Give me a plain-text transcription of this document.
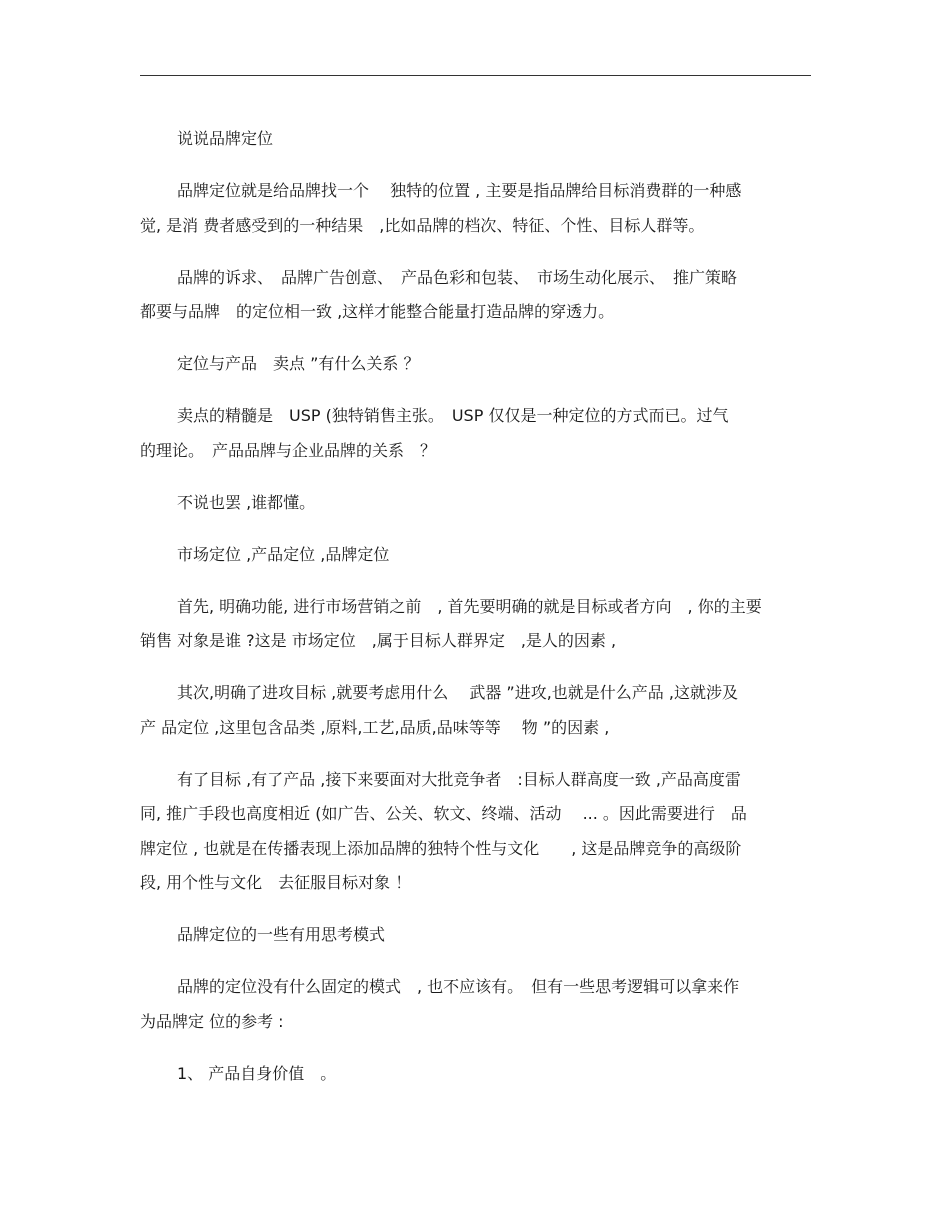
说说品牌定位

品牌定位就是给品牌找一个　 独特的位置 , 主要是指品牌给目标消费群的一种感
觉, 是消 费者感受到的一种结果　,比如品牌的档次、特征、个性、目标人群等。

品牌的诉求、　品牌广告创意、　产品色彩和包装、　市场生动化展示、　推广策略
都要与品牌　的定位相一致 ,这样才能整合能量打造品牌的穿透力。

定位与产品　卖点 ”有什么关系 ？

卖点的精髓是　USP (独特销售主张。　USP 仅仅是一种定位的方式而已。过气
的理论。　产品品牌与企业品牌的关系　？

不说也罢 ,谁都懂。

市场定位 ,产品定位 ,品牌定位

首先, 明确功能, 进行市场营销之前　, 首先要明确的就是目标或者方向　, 你的主要
销售 对象是谁 ?这是 市场定位　,属于目标人群界定　,是人的因素 ,

其次,明确了进攻目标 ,就要考虑用什么　 武器 ”进攻,也就是什么产品 ,这就涉及
产 品定位 ,这里包含品类 ,原料,工艺,品质,品味等等　 物 ”的因素 ,

有了目标 ,有了产品 ,接下来要面对大批竞争者　:目标人群高度一致 ,产品高度雷
同, 推广手段也高度相近 (如广告、公关、软文、终端、活动　 ... 。因此需要进行　品
牌定位 , 也就是在传播表现上添加品牌的独特个性与文化　　, 这是品牌竞争的高级阶
段, 用个性与文化　去征服目标对象 ！

品牌定位的一些有用思考模式

品牌的定位没有什么固定的模式　, 也不应该有。　但有一些思考逻辑可以拿来作
为品牌定 位的参考 :

1、 产品自身价值　。
